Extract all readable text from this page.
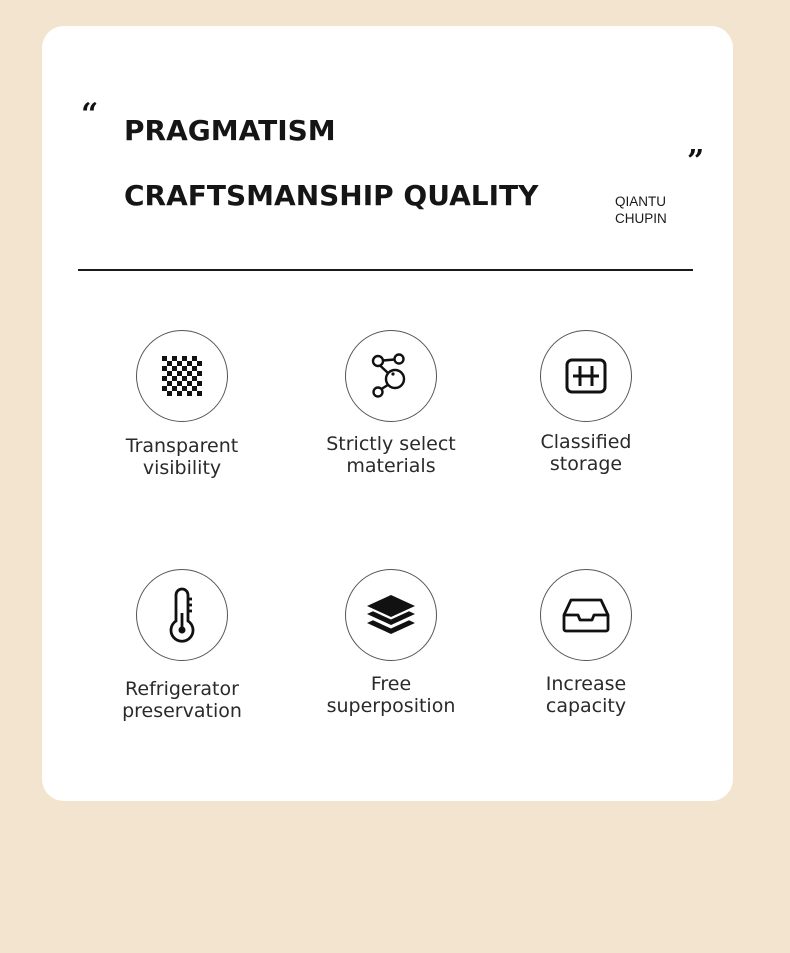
“
”
PRAGMATISM
CRAFTSMANSHIP QUALITY	QIANTU
CHUPIN
Transparent
visibility
Strictly select
materials
Classified
storage
Refrigerator
preservation
Free
superposition
Increase
capacity
